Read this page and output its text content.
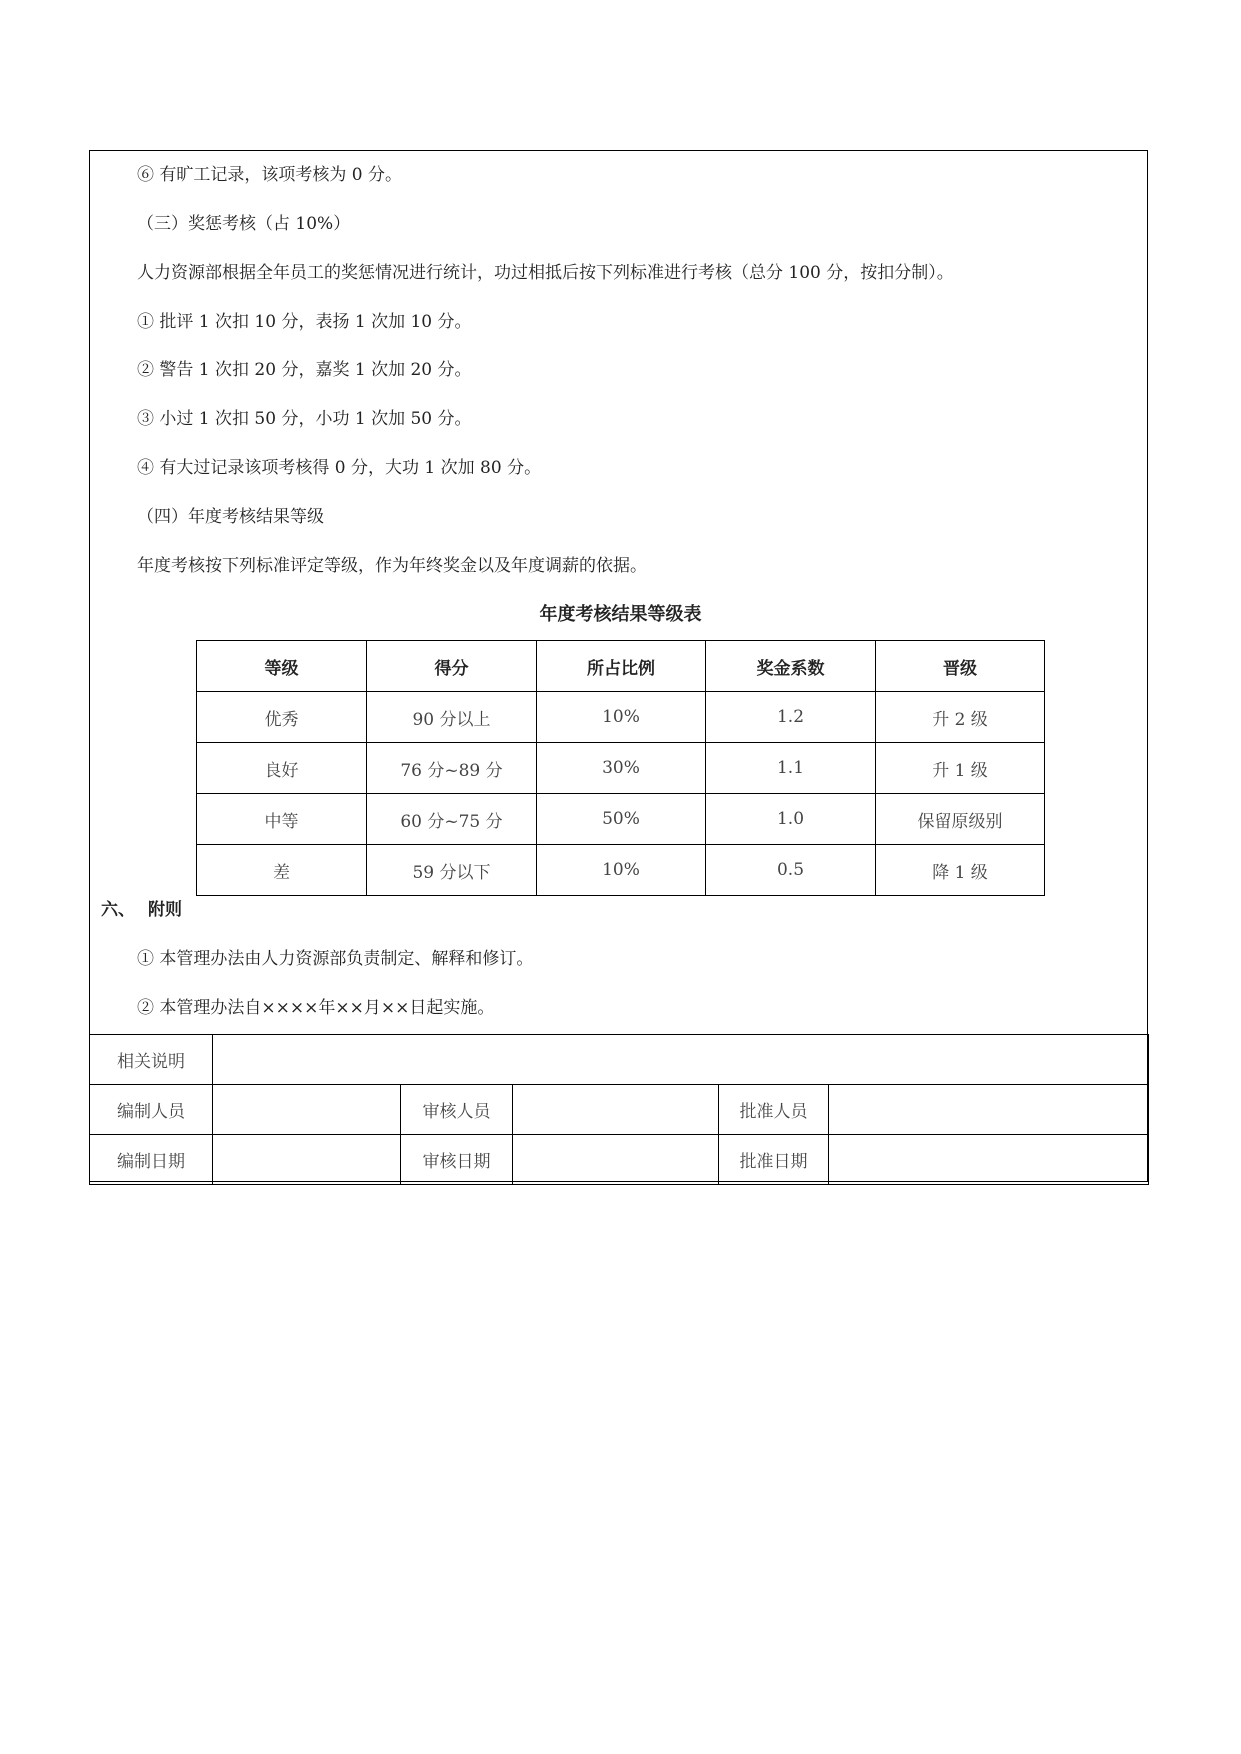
⑥ 有旷工记录，该项考核为 0 分。
（三）奖惩考核（占 10%）
人力资源部根据全年员工的奖惩情况进行统计，功过相抵后按下列标准进行考核（总分 100 分，按扣分制）。
① 批评 1 次扣 10 分，表扬 1 次加 10 分。
② 警告 1 次扣 20 分，嘉奖 1 次加 20 分。
③ 小过 1 次扣 50 分，小功 1 次加 50 分。
④ 有大过记录该项考核得 0 分，大功 1 次加 80 分。
（四）年度考核结果等级
年度考核按下列标准评定等级，作为年终奖金以及年度调薪的依据。
年度考核结果等级表
等级	得分	所占比例	奖金系数	晋级
优秀	90 分以上	10%	1.2	升 2 级
良好	76 分~89 分	30%	1.1	升 1 级
中等	60 分~75 分	50%	1.0	保留原级别
差	59 分以下	10%	0.5	降 1 级
六、 附则
① 本管理办法由人力资源部负责制定、解释和修订。
② 本管理办法自××××年××月××日起实施。
相关说明					
编制人员		审核人员		批准人员	
编制日期		审核日期		批准日期	
